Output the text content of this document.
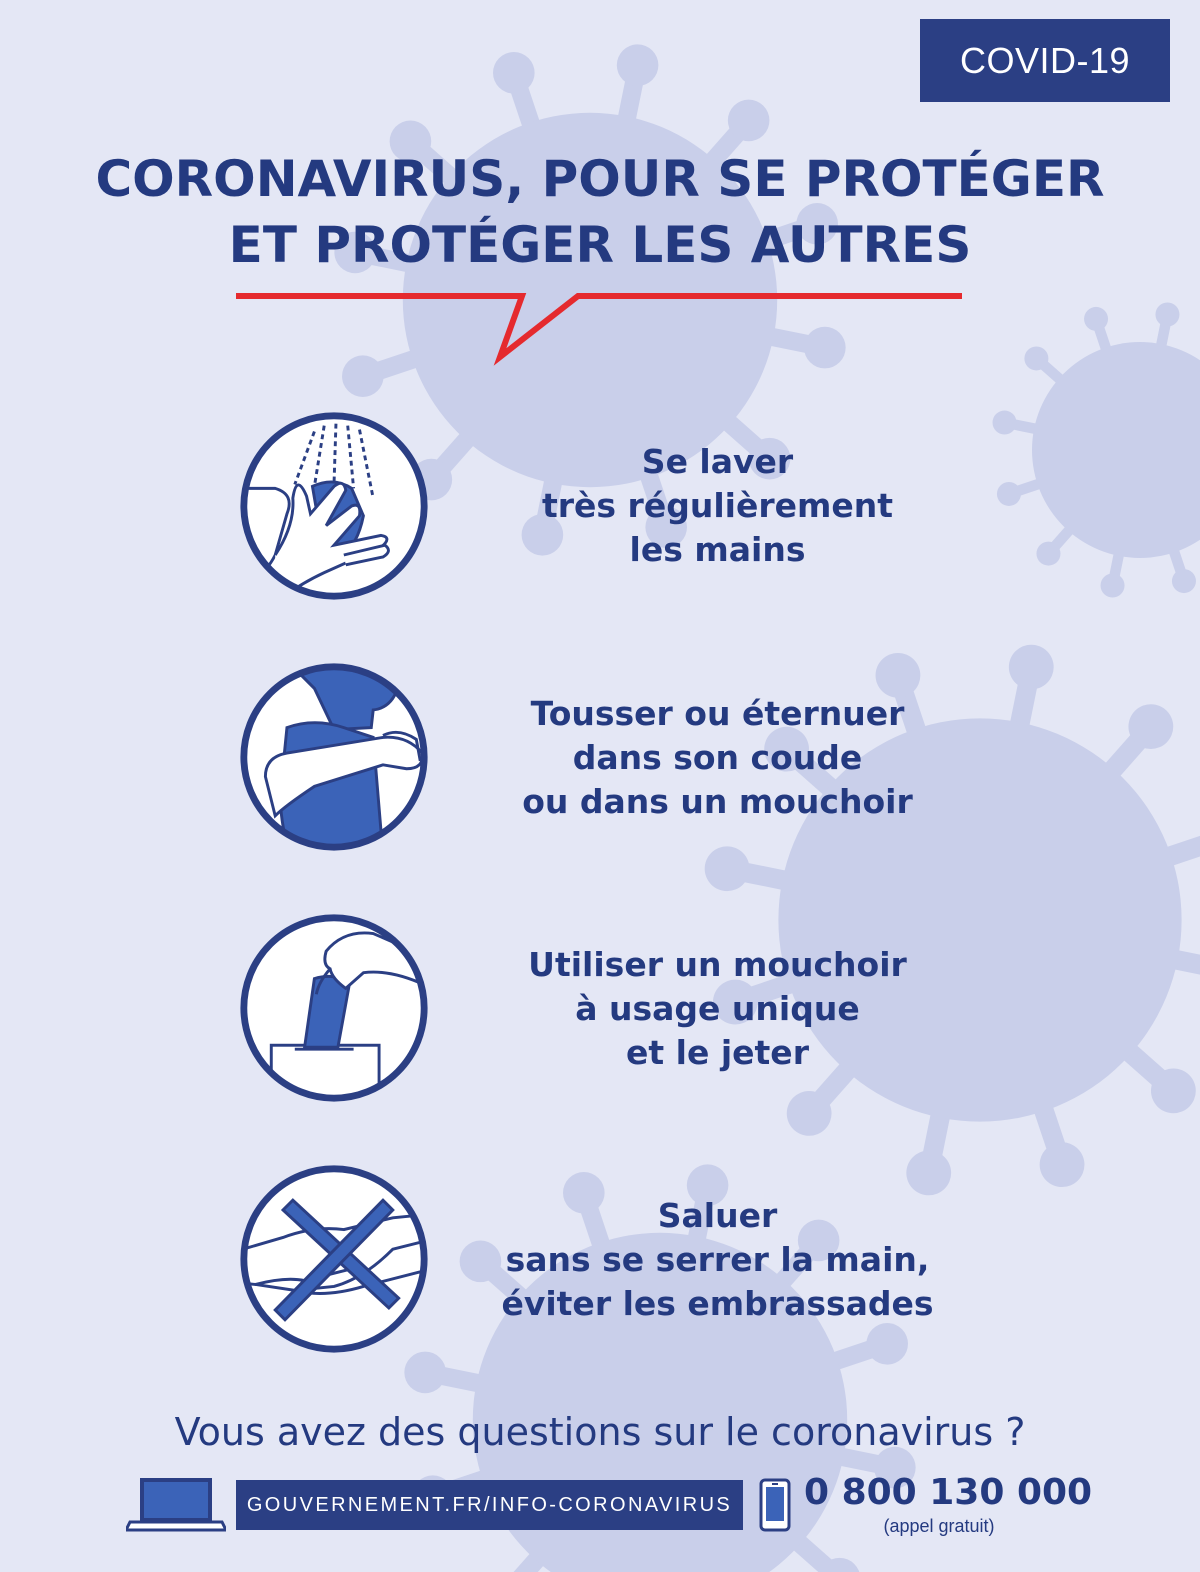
COVID-19
CORONAVIRUS, POUR SE PROTÉGER
ET PROTÉGER LES AUTRES
Se laver
très régulièrement
les mains
Tousser ou éternuer
dans son coude
ou dans un mouchoir
Utiliser un mouchoir
à usage unique
et le jeter
Saluer
sans se serrer la main,
éviter les embrassades
Vous avez des questions sur le coronavirus ?
GOUVERNEMENT.FR/INFO-CORONAVIRUS	0 800 130 000
(appel gratuit)
